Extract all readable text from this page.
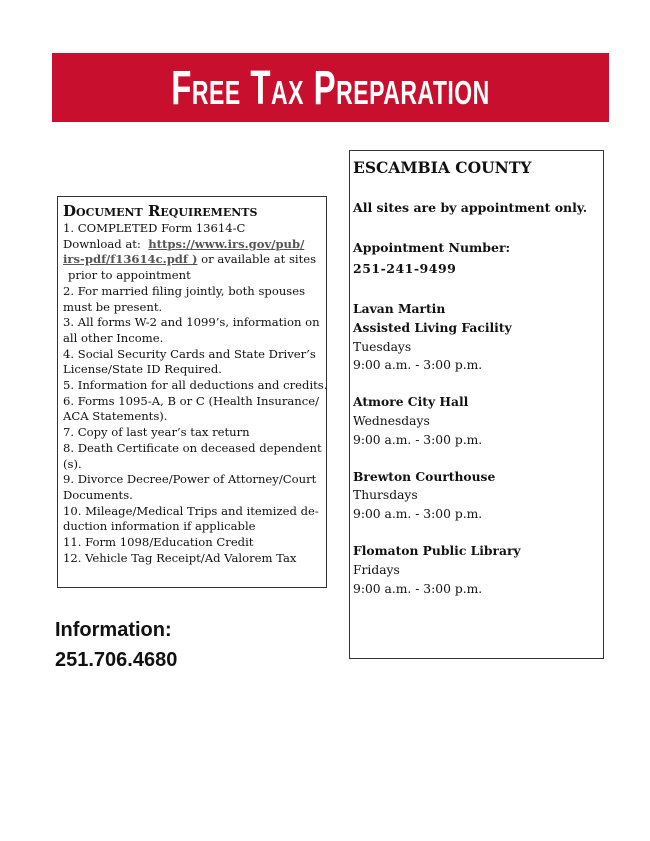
Free Tax Preparation
Document Requirements
1. COMPLETED Form 13614-C
Download at: https://www.irs.gov/pub/
irs-pdf/f13614c.pdf ) or available at sites
prior to appointment
2. For married filing jointly, both spouses
must be present.
3. All forms W-2 and 1099’s, information on
all other Income.
4. Social Security Cards and State Driver’s
License/State ID Required.
5. Information for all deductions and credits.
6. Forms 1095-A, B or C (Health Insurance/
ACA Statements).
7. Copy of last year’s tax return
8. Death Certificate on deceased dependent
(s).
9. Divorce Decree/Power of Attorney/Court
Documents.
10. Mileage/Medical Trips and itemized de-
duction information if applicable
11. Form 1098/Education Credit
12. Vehicle Tag Receipt/Ad Valorem Tax
ESCAMBIA COUNTY
All sites are by appointment only.
Appointment Number:
251-241-9499
Lavan Martin
Assisted Living Facility
Tuesdays
9:00 a.m. - 3:00 p.m.
Atmore City Hall
Wednesdays
9:00 a.m. - 3:00 p.m.
Brewton Courthouse
Thursdays
9:00 a.m. - 3:00 p.m.
Flomaton Public Library
Fridays
9:00 a.m. - 3:00 p.m.
Information:
251.706.4680
